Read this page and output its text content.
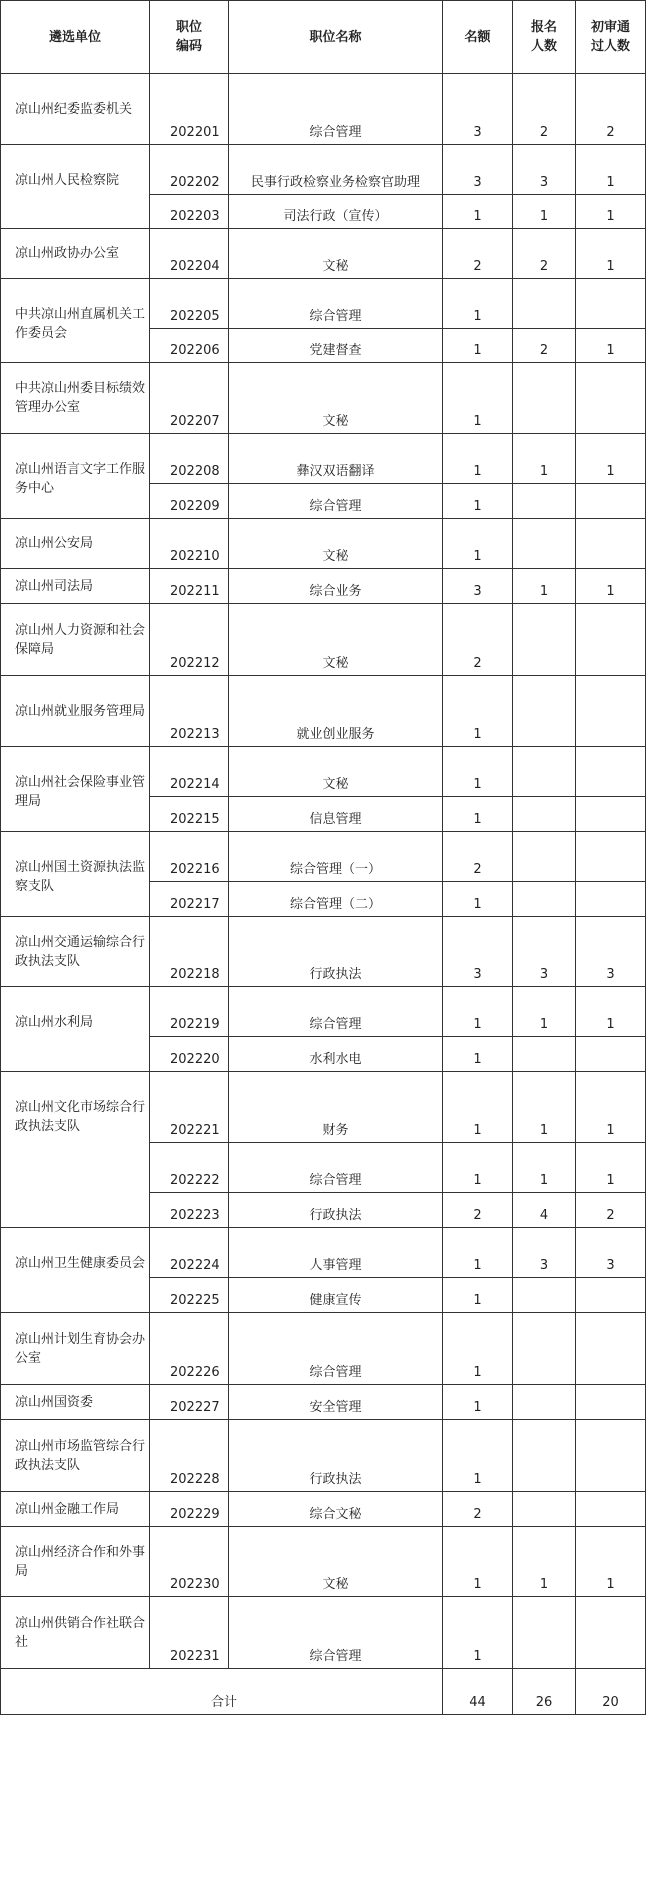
遴选单位	职位编码	职位名称	名额	报名人数	初审通过人数
凉山州纪委监委机关	202201	综合管理	3	2	2
凉山州人民检察院	202202	民事行政检察业务检察官助理	3	3	1
	202203	司法行政（宣传）	1	1	1
凉山州政协办公室	202204	文秘	2	2	1
中共凉山州直属机关工作委员会	202205	综合管理	1		
	202206	党建督查	1	2	1
中共凉山州委目标绩效管理办公室	202207	文秘	1		
凉山州语言文字工作服务中心	202208	彝汉双语翻译	1	1	1
	202209	综合管理	1		
凉山州公安局	202210	文秘	1		
凉山州司法局	202211	综合业务	3	1	1
凉山州人力资源和社会保障局	202212	文秘	2		
凉山州就业服务管理局	202213	就业创业服务	1		
凉山州社会保险事业管理局	202214	文秘	1		
	202215	信息管理	1		
凉山州国土资源执法监察支队	202216	综合管理（一）	2		
	202217	综合管理（二）	1		
凉山州交通运输综合行政执法支队	202218	行政执法	3	3	3
凉山州水利局	202219	综合管理	1	1	1
	202220	水利水电	1		
凉山州文化市场综合行政执法支队	202221	财务	1	1	1
	202222	综合管理	1	1	1
	202223	行政执法	2	4	2
凉山州卫生健康委员会	202224	人事管理	1	3	3
	202225	健康宣传	1		
凉山州计划生育协会办公室	202226	综合管理	1		
凉山州国资委	202227	安全管理	1		
凉山州市场监管综合行政执法支队	202228	行政执法	1		
凉山州金融工作局	202229	综合文秘	2		
凉山州经济合作和外事局	202230	文秘	1	1	1
凉山州供销合作社联合社	202231	综合管理	1		
合计			44	26	20
